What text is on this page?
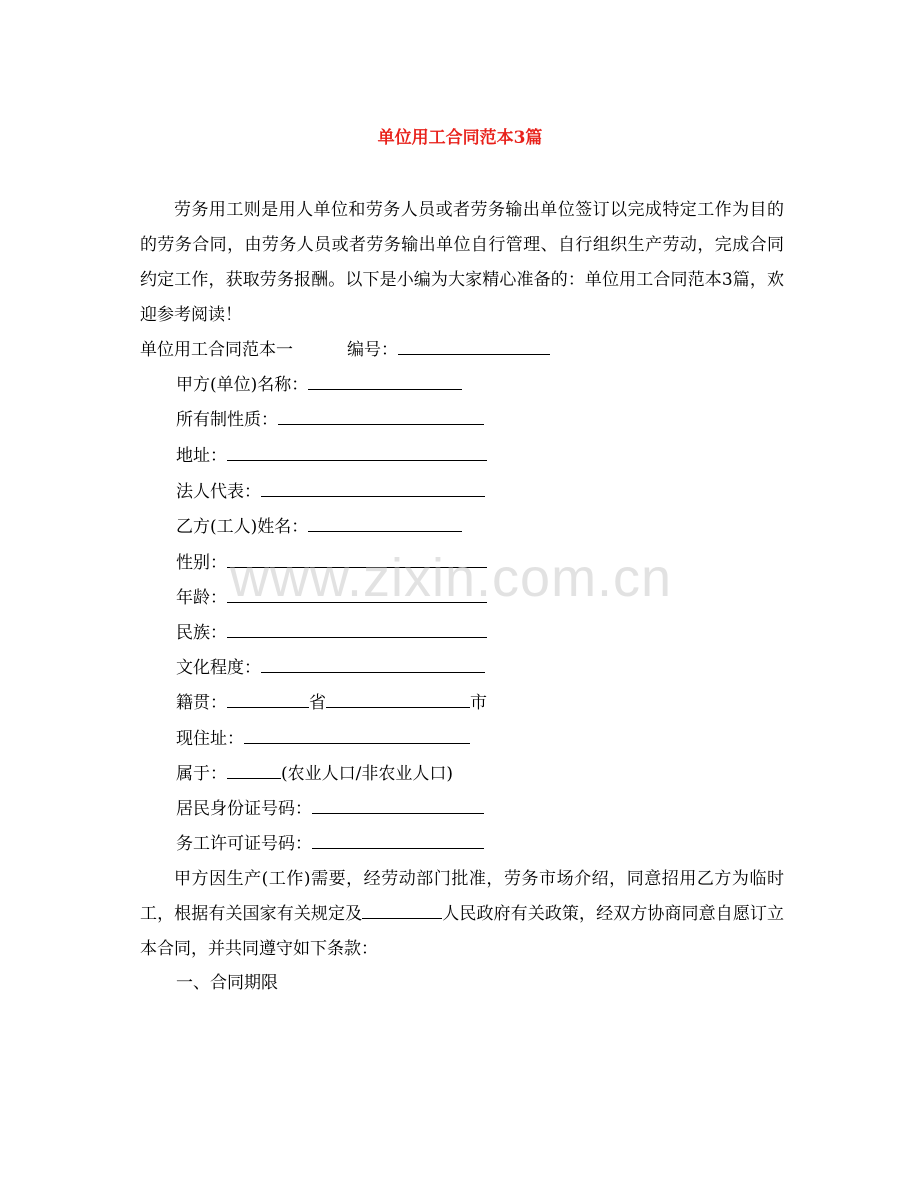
单位用工合同范本3篇

劳务用工则是用人单位和劳务人员或者劳务输出单位签订以完成特定工作为目的的劳务合同，由劳务人员或者劳务输出单位自行管理、自行组织生产劳动，完成合同约定工作，获取劳务报酬。以下是小编为大家精心准备的：单位用工合同范本3篇，欢迎参考阅读！

单位用工合同范本一	编号：
甲方(单位)名称：
所有制性质：
地址：
法人代表：
乙方(工人)姓名：
性别：
年龄：
民族：
文化程度：
籍贯：	省	市
现住址：
属于：	(农业人口/非农业人口)
居民身份证号码：
务工许可证号码：

甲方因生产(工作)需要，经劳动部门批准，劳务市场介绍，同意招用乙方为临时工，根据有关国家有关规定及	人民政府有关政策，经双方协商同意自愿订立本合同，并共同遵守如下条款：

一、合同期限
www.zixin.com.cn
